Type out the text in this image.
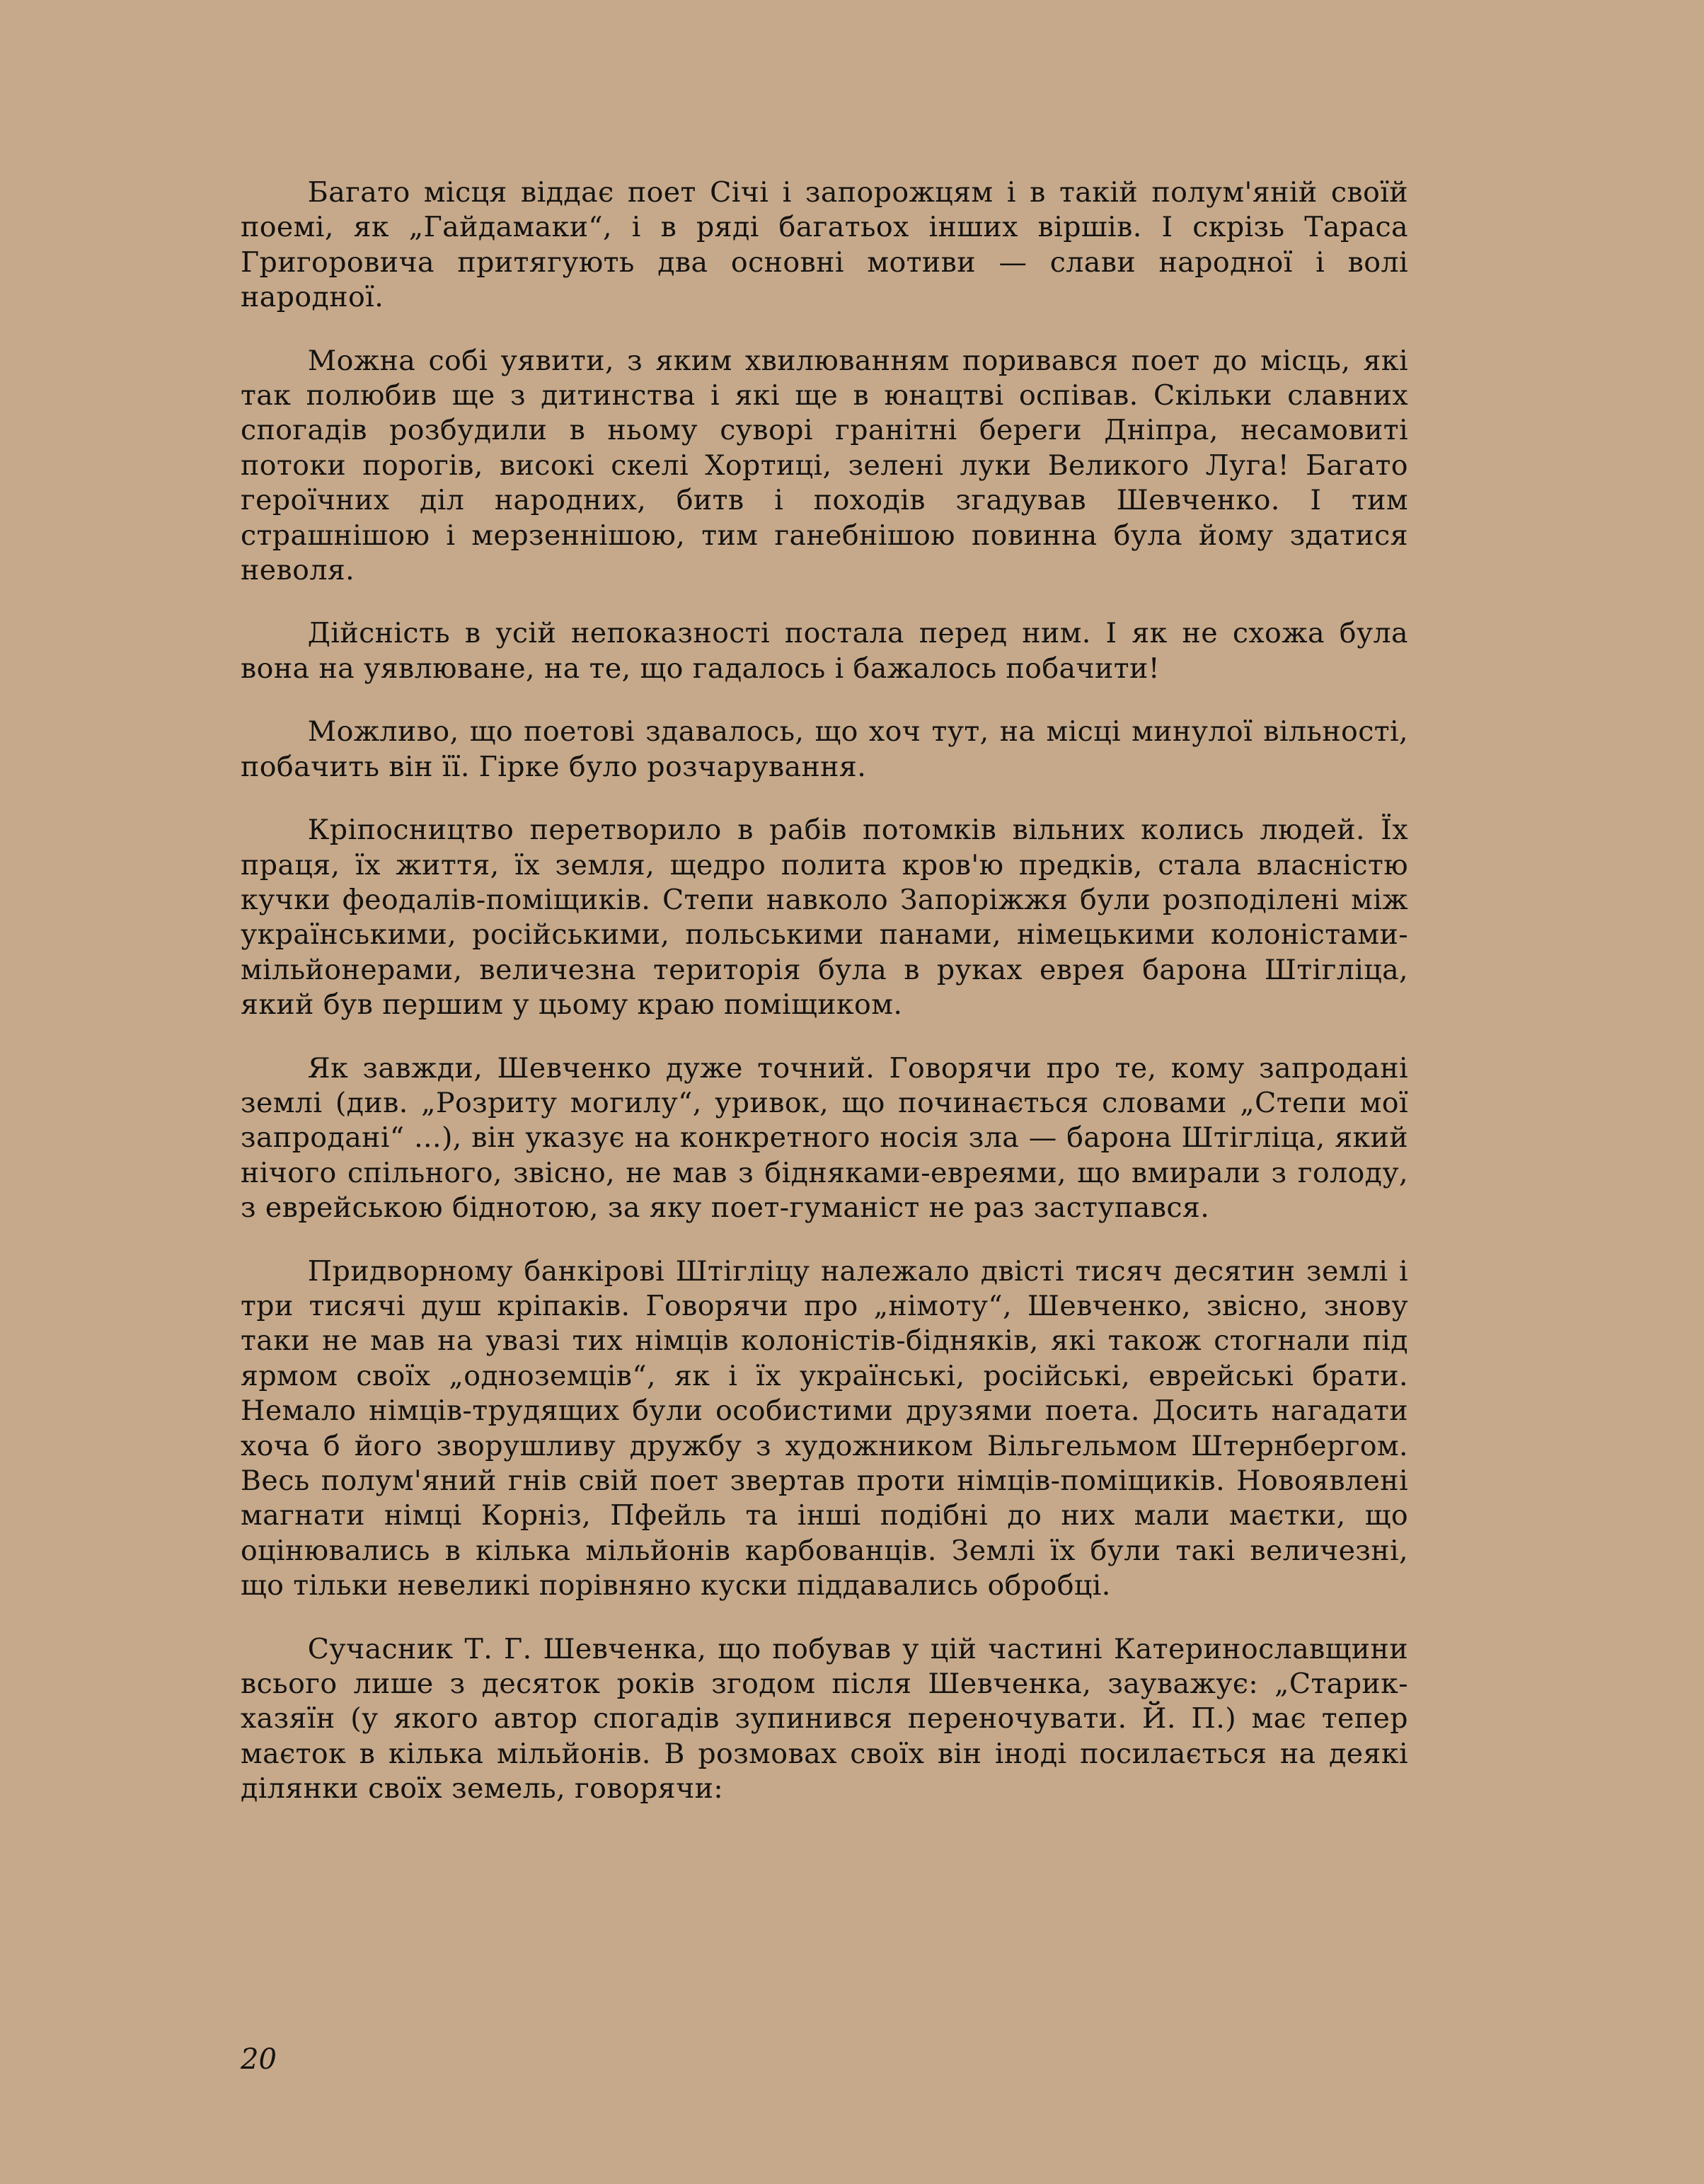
Багато місця віддає поет Січі і запорожцям і в такій полум'яній своїй поемі, як „Гайдамаки“, і в ряді багатьох інших віршів. І скрізь Тараса Григоровича притягують два основні мотиви — слави народної і волі народної.

Можна собі уявити, з яким хвилюванням поривався поет до місць, які так полюбив ще з дитинства і які ще в юнацтві оспівав. Скільки славних спогадів розбудили в ньому суворі гранітні береги Дніпра, несамовиті потоки порогів, високі скелі Хортиці, зелені луки Великого Луга! Багато героїчних діл народних, битв і походів згадував Шевченко. І тим страшнішою і мерзеннішою, тим ганебнішою повинна була йому здатися неволя.

Дійсність в усій непоказності постала перед ним. І як не схожа була вона на уявлюване, на те, що гадалось і бажалось побачити!

Можливо, що поетові здавалось, що хоч тут, на місці минулої вільності, побачить він її. Гірке було розчарування.

Кріпосництво перетворило в рабів потомків вільних колись людей. Їх праця, їх життя, їх земля, щедро полита кров'ю предків, стала власністю кучки феодалів-поміщиків. Степи навколо Запоріжжя були розподілені між українськими, російськими, польськими панами, німецькими колоністами-мільйонерами, величезна територія була в руках еврея барона Штігліца, який був першим у цьому краю поміщиком.

Як завжди, Шевченко дуже точний. Говорячи про те, кому запродані землі (див. „Розриту могилу“, уривок, що починається словами „Степи мої запродані“ ...), він указує на конкретного носія зла — барона Штігліца, який нічого спільного, звісно, не мав з бідняками-евреями, що вмирали з голоду, з еврейською біднотою, за яку поет-гуманіст не раз заступався.

Придворному банкірові Штігліцу належало двісті тисяч десятин землі і три тисячі душ кріпаків. Говорячи про „німоту“, Шевченко, звісно, знову таки не мав на увазі тих німців колоністів-бідняків, які також стогнали під ярмом своїх „одноземців“, як і їх українські, російські, еврейські брати. Немало німців-трудящих були особистими друзями поета. Досить нагадати хоча б його зворушливу дружбу з художником Вільгельмом Штернбергом. Весь полум'яний гнів свій поет звертав проти німців-поміщиків. Новоявлені магнати німці Корніз, Пфейль та інші подібні до них мали маєтки, що оцінювались в кілька мільйонів карбованців. Землі їх були такі величезні, що тільки невеликі порівняно куски піддавались обробці.

Сучасник Т. Г. Шевченка, що побував у цій частині Катеринославщини всього лише з десяток років згодом після Шевченка, зауважує: „Старик-хазяїн (у якого автор спогадів зупинився переночувати. Й. П.) має тепер маєток в кілька мільйонів. В розмовах своїх він іноді посилається на деякі ділянки своїх земель, говорячи:

20
